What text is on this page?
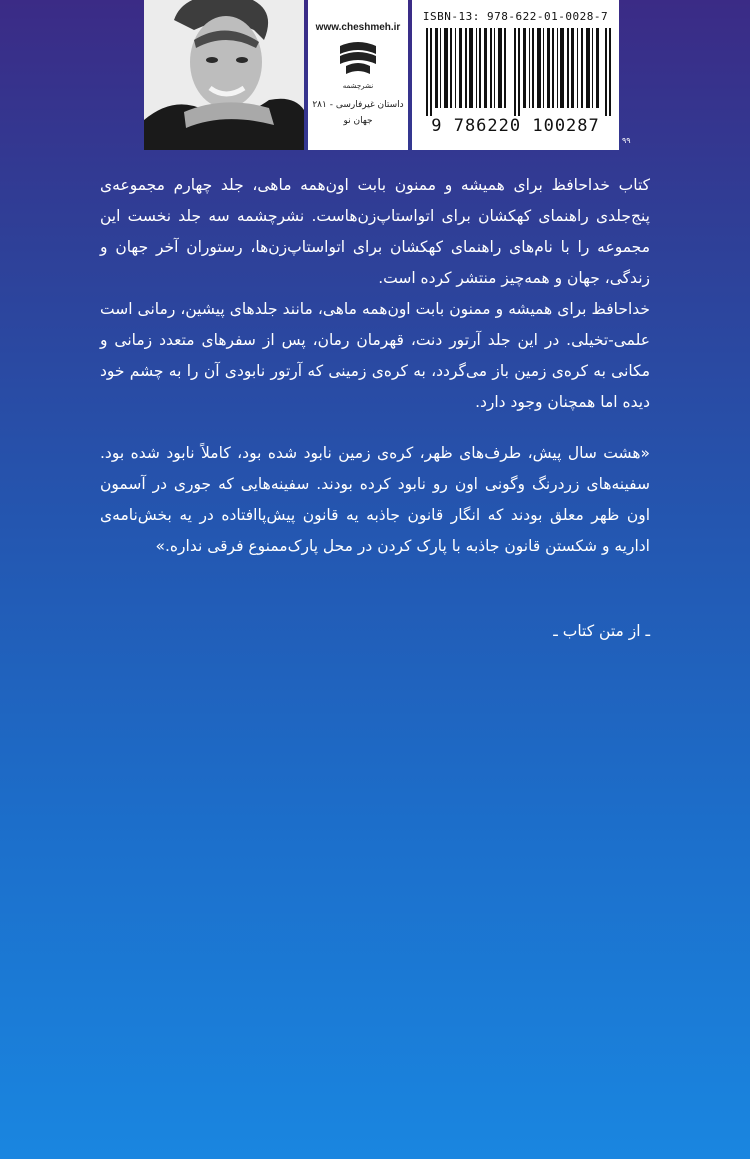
www.cheshmeh.ir
نشرچشمه
داستان غیرفارسی - ۲۸۱
جهان نو
ISBN-13: 978-622-01-0028-7
9 786220 100287
۹۹

کتاب خداحافظ برای همیشه و ممنون بابت اون‌همه ماهی، جلد چهارم مجموعه‌ی پنج‌جلدی راهنمای کهکشان برای اتواستاپ‌زن‌هاست. نشرچشمه سه جلد نخست این مجموعه را با نام‌های راهنمای کهکشان برای اتواستاپ‌زن‌ها، رستوران آخر جهان و زندگی، جهان و همه‌چیز منتشر کرده است.

خداحافظ برای همیشه و ممنون بابت اون‌همه ماهی، مانند جلدهای پیشین، رمانی است علمی-تخیلی. در این جلد آرتور دنت، قهرمان رمان، پس از سفرهای متعدد زمانی و مکانی به کره‌ی زمین باز می‌گردد، به کره‌ی زمینی که آرتور نابودی آن را به چشم خود دیده اما همچنان وجود دارد.

«هشت سال پیش، طرف‌های ظهر، کره‌ی زمین نابود شده بود، کاملاً نابود شده بود. سفینه‌های زردرنگ وگونی اون رو نابود کرده بودند. سفینه‌هایی که جوری در آسمون اون ظهر معلق بودند که انگار قانون جاذبه یه قانون پیش‌پاافتاده در یه بخش‌نامه‌ی اداریه و شکستن قانون جاذبه با پارک کردن در محل پارک‌ممنوع فرقی نداره.»

ـ از متن کتاب ـ
